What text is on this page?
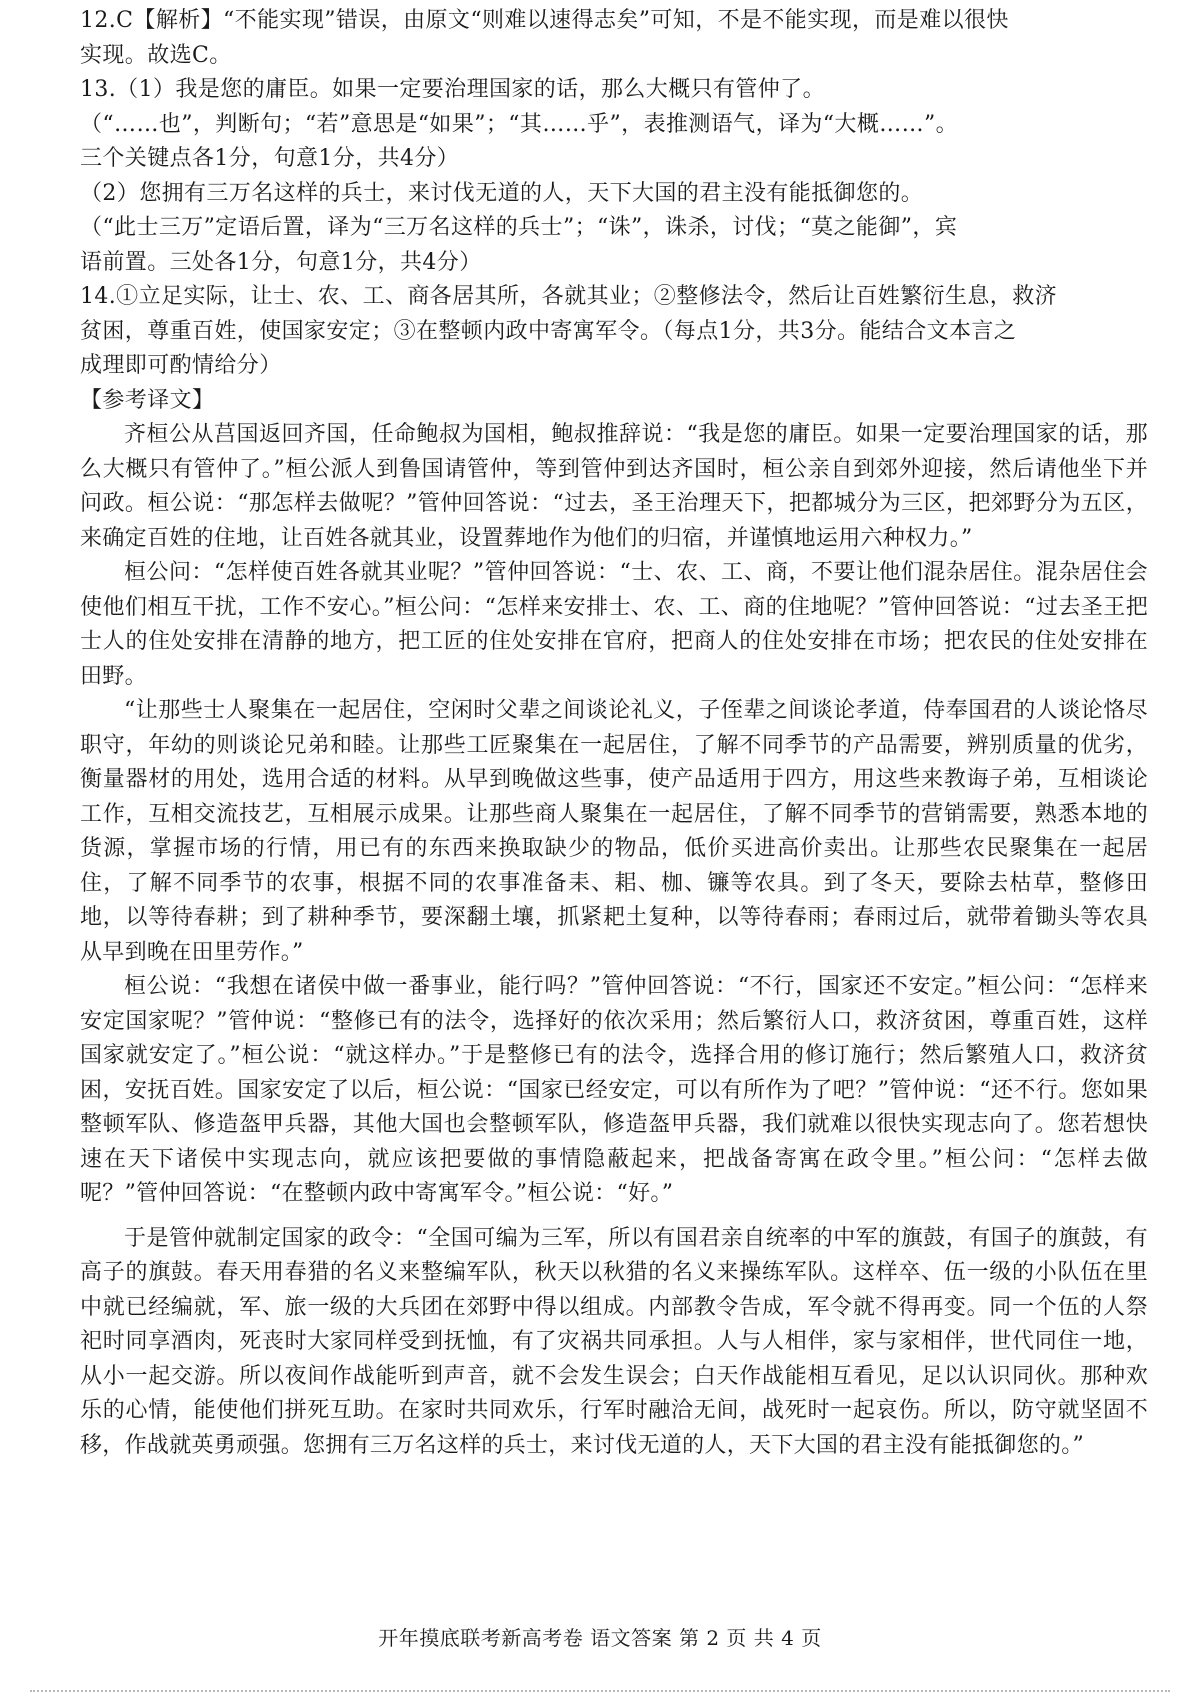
12.C【解析】“不能实现”错误，由原文“则难以速得志矣”可知，不是不能实现，而是难以很快
实现。故选C。
13.（1）我是您的庸臣。如果一定要治理国家的话，那么大概只有管仲了。
（“……也”，判断句；“若”意思是“如果”；“其……乎”，表推测语气，译为“大概……”。
三个关键点各1分，句意1分，共4分）
（2）您拥有三万名这样的兵士，来讨伐无道的人，天下大国的君主没有能抵御您的。
（“此士三万”定语后置，译为“三万名这样的兵士”；“诛”，诛杀，讨伐；“莫之能御”，宾
语前置。三处各1分，句意1分，共4分）
14.①立足实际，让士、农、工、商各居其所，各就其业；②整修法令，然后让百姓繁衍生息，救济
贫困，尊重百姓，使国家安定；③在整顿内政中寄寓军令。（每点1分，共3分。能结合文本言之
成理即可酌情给分）
【参考译文】
齐桓公从莒国返回齐国，任命鲍叔为国相，鲍叔推辞说：“我是您的庸臣。如果一定要治理国家的话，那么大概只有管仲了。”桓公派人到鲁国请管仲，等到管仲到达齐国时，桓公亲自到郊外迎接，然后请他坐下并问政。桓公说：“那怎样去做呢？”管仲回答说：“过去，圣王治理天下，把都城分为三区，把郊野分为五区，来确定百姓的住地，让百姓各就其业，设置葬地作为他们的归宿，并谨慎地运用六种权力。”
桓公问：“怎样使百姓各就其业呢？”管仲回答说：“士、农、工、商，不要让他们混杂居住。混杂居住会使他们相互干扰，工作不安心。”桓公问：“怎样来安排士、农、工、商的住地呢？”管仲回答说：“过去圣王把士人的住处安排在清静的地方，把工匠的住处安排在官府，把商人的住处安排在市场；把农民的住处安排在田野。
“让那些士人聚集在一起居住，空闲时父辈之间谈论礼义，子侄辈之间谈论孝道，侍奉国君的人谈论恪尽职守，年幼的则谈论兄弟和睦。让那些工匠聚集在一起居住，了解不同季节的产品需要，辨别质量的优劣，衡量器材的用处，选用合适的材料。从早到晚做这些事，使产品适用于四方，用这些来教诲子弟，互相谈论工作，互相交流技艺，互相展示成果。让那些商人聚集在一起居住，了解不同季节的营销需要，熟悉本地的货源，掌握市场的行情，用已有的东西来换取缺少的物品，低价买进高价卖出。让那些农民聚集在一起居住，了解不同季节的农事，根据不同的农事准备耒、耜、枷、镰等农具。到了冬天，要除去枯草，整修田地，以等待春耕；到了耕种季节，要深翻土壤，抓紧耙土复种，以等待春雨；春雨过后，就带着锄头等农具从早到晚在田里劳作。”
桓公说：“我想在诸侯中做一番事业，能行吗？”管仲回答说：“不行，国家还不安定。”桓公问：“怎样来安定国家呢？”管仲说：“整修已有的法令，选择好的依次采用；然后繁衍人口，救济贫困，尊重百姓，这样国家就安定了。”桓公说：“就这样办。”于是整修已有的法令，选择合用的修订施行；然后繁殖人口，救济贫困，安抚百姓。国家安定了以后，桓公说：“国家已经安定，可以有所作为了吧？”管仲说：“还不行。您如果整顿军队、修造盔甲兵器，其他大国也会整顿军队，修造盔甲兵器，我们就难以很快实现志向了。您若想快速在天下诸侯中实现志向，就应该把要做的事情隐蔽起来，把战备寄寓在政令里。”桓公问：“怎样去做呢？”管仲回答说：“在整顿内政中寄寓军令。”桓公说：“好。”
于是管仲就制定国家的政令：“全国可编为三军，所以有国君亲自统率的中军的旗鼓，有国子的旗鼓，有高子的旗鼓。春天用春猎的名义来整编军队，秋天以秋猎的名义来操练军队。这样卒、伍一级的小队伍在里中就已经编就，军、旅一级的大兵团在郊野中得以组成。内部教令告成，军令就不得再变。同一个伍的人祭祀时同享酒肉，死丧时大家同样受到抚恤，有了灾祸共同承担。人与人相伴，家与家相伴，世代同住一地，从小一起交游。所以夜间作战能听到声音，就不会发生误会；白天作战能相互看见，足以认识同伙。那种欢乐的心情，能使他们拼死互助。在家时共同欢乐，行军时融洽无间，战死时一起哀伤。所以，防守就坚固不移，作战就英勇顽强。您拥有三万名这样的兵士，来讨伐无道的人，天下大国的君主没有能抵御您的。”
开年摸底联考新高考卷 语文答案 第 2 页 共 4 页
